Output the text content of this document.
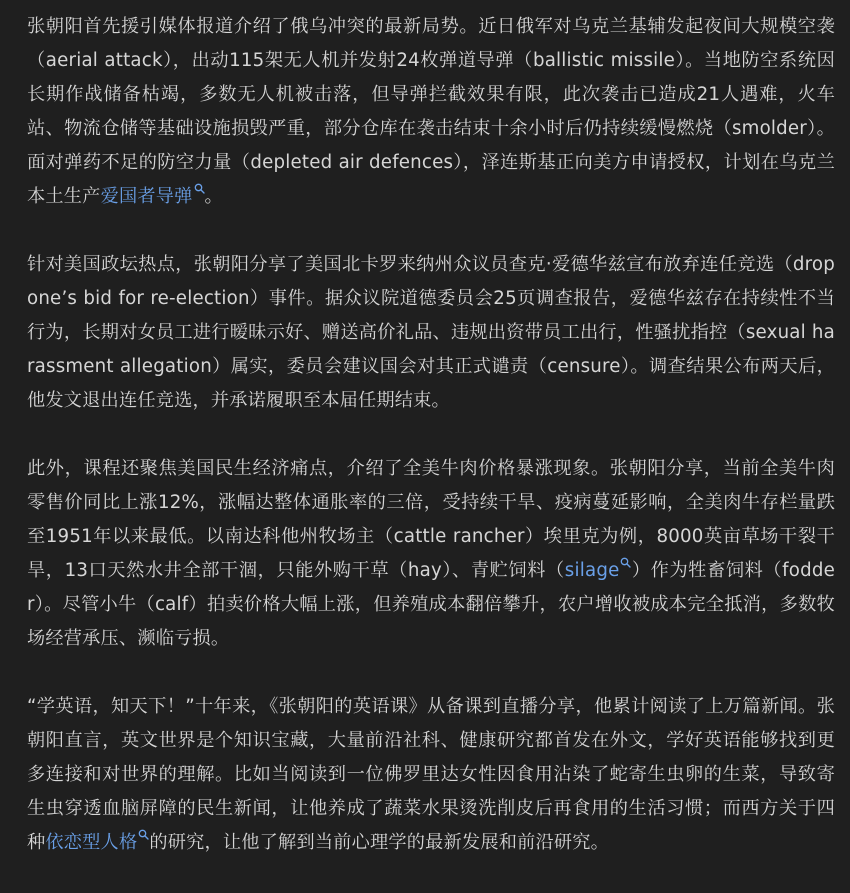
张朝阳首先援引媒体报道介绍了俄乌冲突的最新局势。近日俄军对乌克兰基辅发起夜间大规模空袭（aerial attack），出动115架无人机并发射24枚弹道导弹（ballistic missile）。当地防空系统因长期作战储备枯竭，多数无人机被击落，但导弹拦截效果有限，此次袭击已造成21人遇难，火车站、物流仓储等基础设施损毁严重，部分仓库在袭击结束十余小时后仍持续缓慢燃烧（smolder）。面对弹药不足的防空力量（depleted air defences），泽连斯基正向美方申请授权，计划在乌克兰本土生产爱国者导弹 。

针对美国政坛热点，张朝阳分享了美国北卡罗来纳州众议员查克·爱德华兹宣布放弃连任竞选（drop one’s bid for re-election）事件。据众议院道德委员会25页调查报告，爱德华兹存在持续性不当行为，长期对女员工进行暧昧示好、赠送高价礼品、违规出资带员工出行，性骚扰指控（sexual harassment allegation）属实，委员会建议国会对其正式谴责（censure）。调查结果公布两天后，他发文退出连任竞选，并承诺履职至本届任期结束。

此外，课程还聚焦美国民生经济痛点，介绍了全美牛肉价格暴涨现象。张朝阳分享，当前全美牛肉零售价同比上涨12%，涨幅达整体通胀率的三倍，受持续干旱、疫病蔓延影响，全美肉牛存栏量跌至1951年以来最低。以南达科他州牧场主（cattle rancher）埃里克为例，8000英亩草场干裂干旱，13口天然水井全部干涸，只能外购干草（hay）、青贮饲料（silage ）作为牲畜饲料（fodder）。尽管小牛（calf）拍卖价格大幅上涨，但养殖成本翻倍攀升，农户增收被成本完全抵消，多数牧场经营承压、濒临亏损。

“学英语，知天下！”十年来，《张朝阳的英语课》从备课到直播分享，他累计阅读了上万篇新闻。张朝阳直言，英文世界是个知识宝藏，大量前沿社科、健康研究都首发在外文，学好英语能够找到更多连接和对世界的理解。比如当阅读到一位佛罗里达女性因食用沾染了蛇寄生虫卵的生菜，导致寄生虫穿透血脑屏障的民生新闻，让他养成了蔬菜水果烫洗削皮后再食用的生活习惯；而西方关于四种依恋型人格 的研究，让他了解到当前心理学的最新发展和前沿研究。
